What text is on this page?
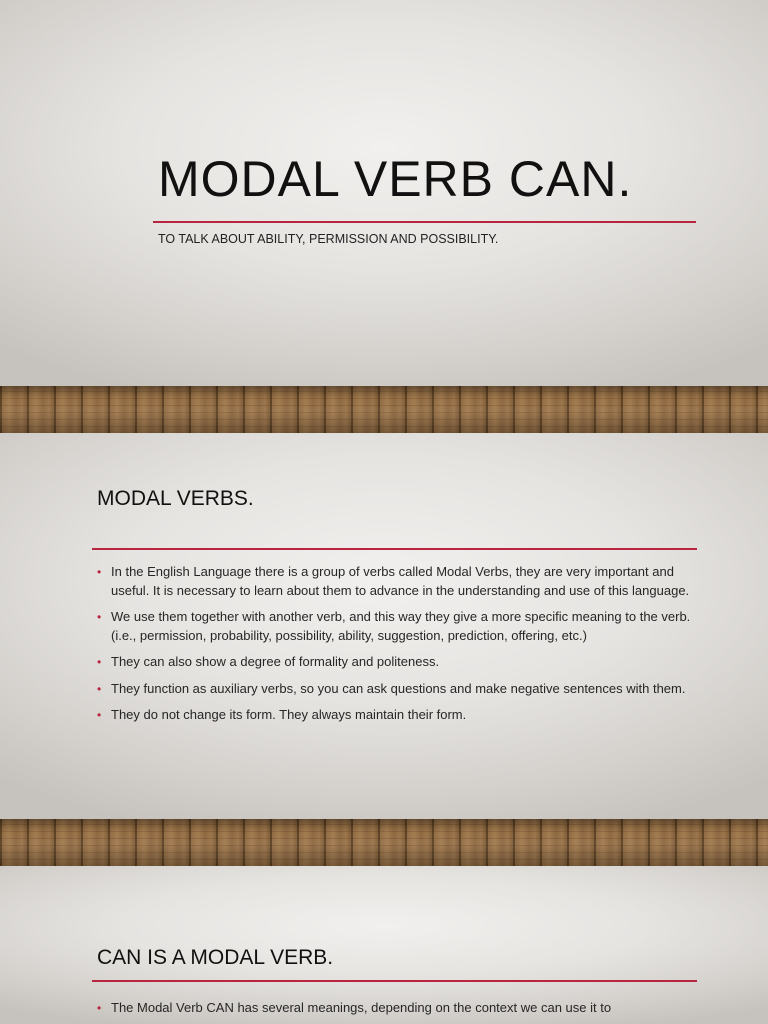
MODAL VERB CAN.

TO TALK ABOUT ABILITY, PERMISSION AND POSSIBILITY.

MODAL VERBS.
• In the English Language there is a group of verbs called Modal Verbs, they are very important and useful. It is necessary to learn about them to advance in the understanding and use of this language.
• We use them together with another verb, and this way they give a more specific meaning to the verb. (i.e., permission, probability, possibility, ability, suggestion, prediction, offering, etc.)
• They can also show a degree of formality and politeness.
• They function as auxiliary verbs, so you can ask questions and make negative sentences with them.
• They do not change its form. They always maintain their form.
CAN IS A MODAL VERB.
• The Modal Verb CAN has several meanings, depending on the context we can use it to
